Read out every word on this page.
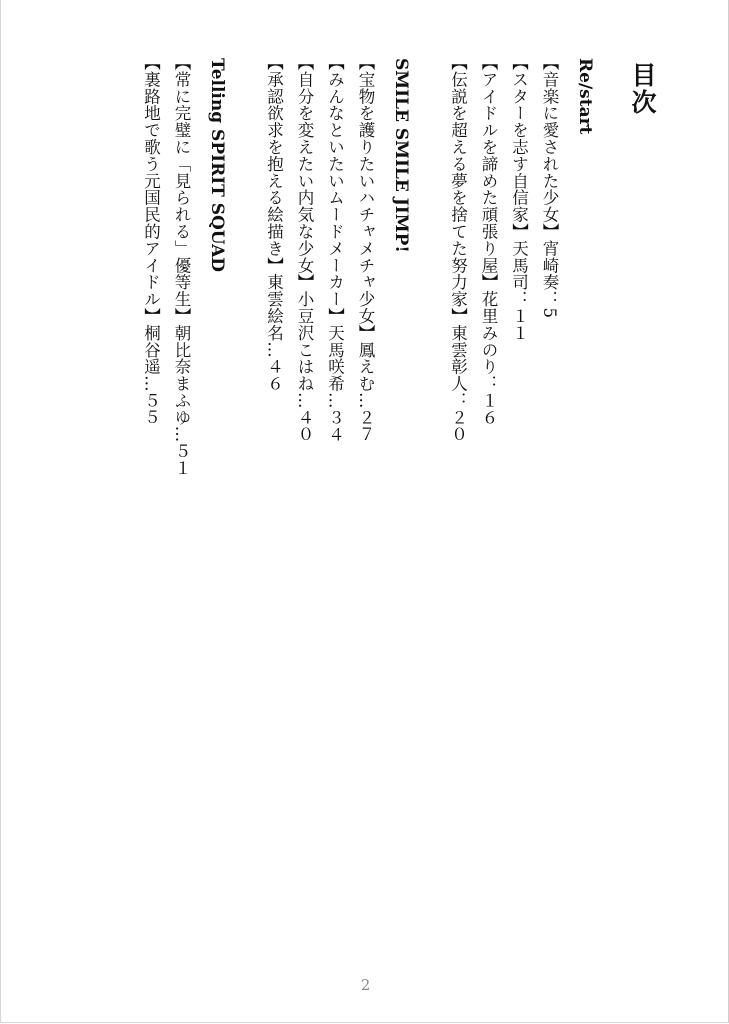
目次
Re/start
【音楽に愛された少女】宵崎奏：5
【スターを志す自信家】天馬司：１１
【アイドルを諦めた頑張り屋】花里みのり：１６
【伝説を超える夢を捨てた努力家】東雲彰人：２０
SMILE SMILE JIMP!
【宝物を護りたいハチャメチャ少女】鳳えむ…２７
【みんなといたいムードメーカー】天馬咲希…３４
【自分を変えたい内気な少女】小豆沢こはね…４０
【承認欲求を抱える絵描き】東雲絵名…４６
Telling SPIRIT SQUAD
【常に完璧に「見られる」優等生】朝比奈まふゆ…５１
【裏路地で歌う元国民的アイドル】桐谷遥…５５
2
